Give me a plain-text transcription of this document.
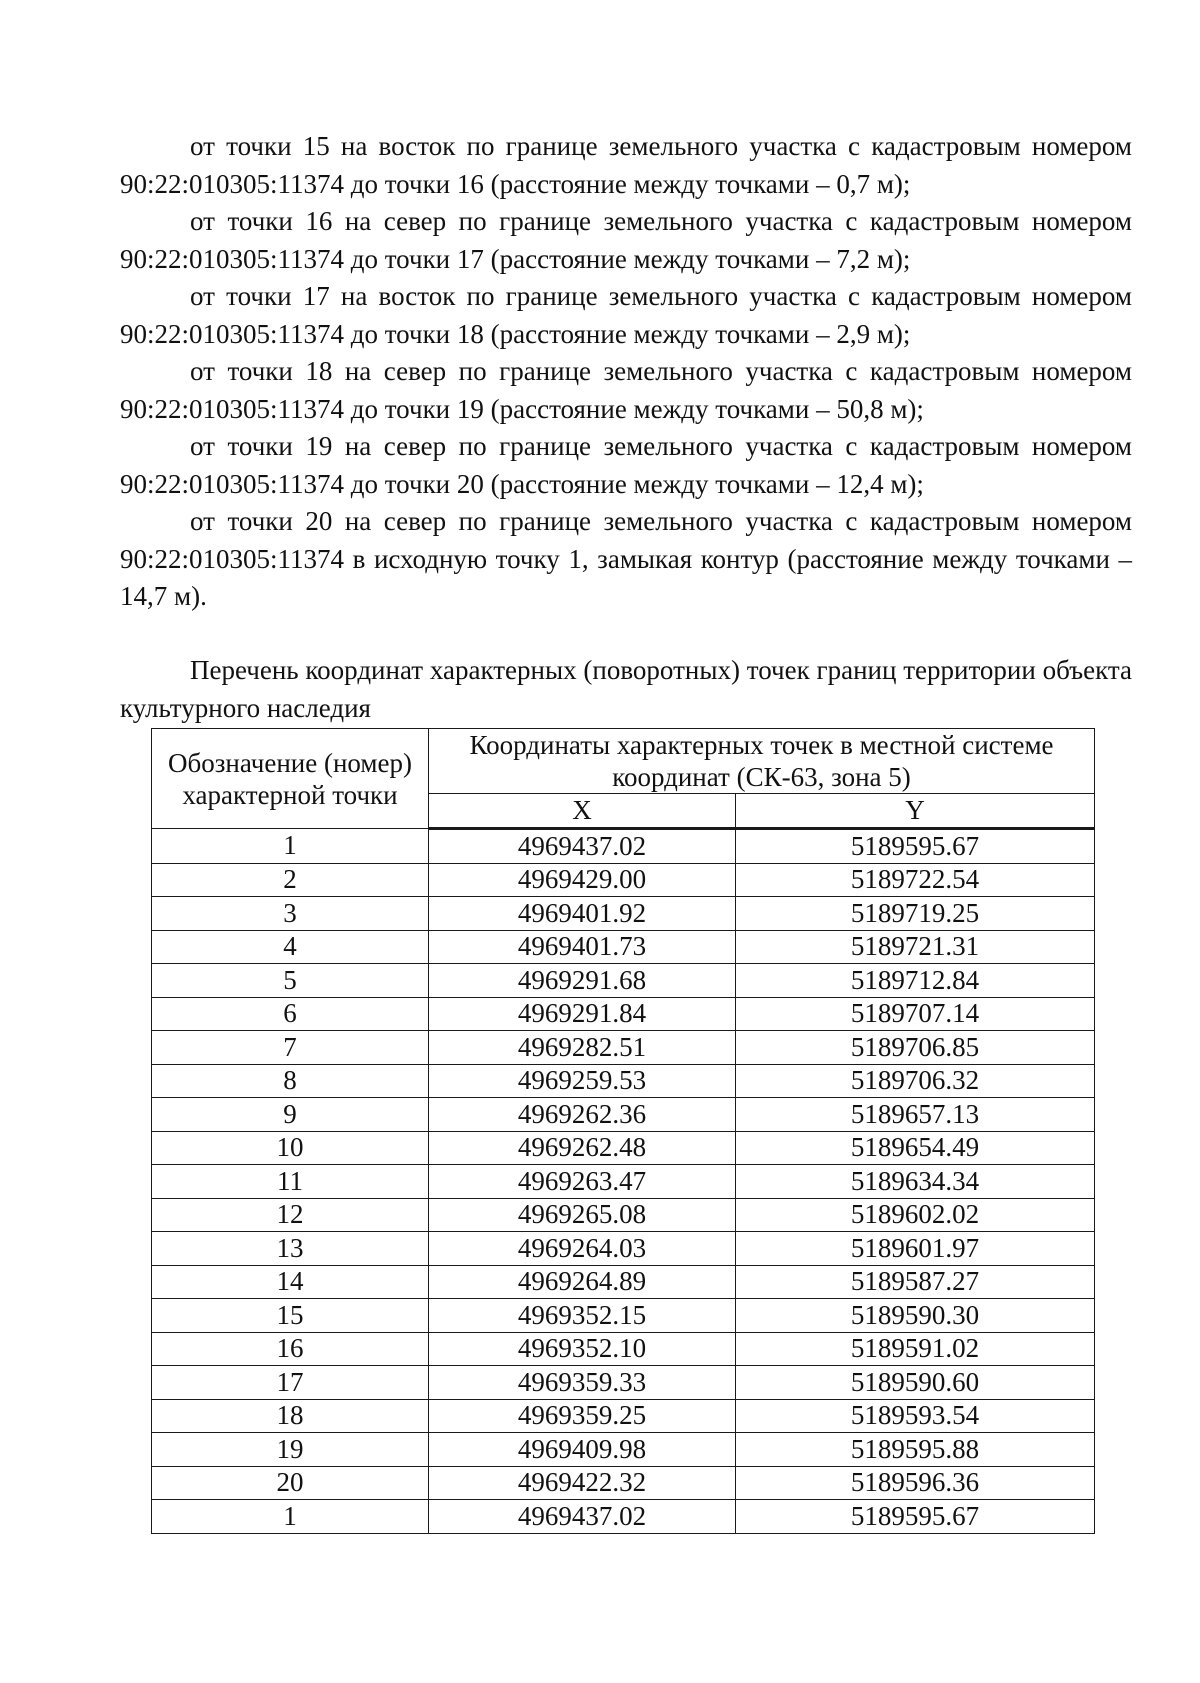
от точки 15 на восток по границе земельного участка с кадастровым номером 90:22:010305:11374 до точки 16 (расстояние между точками – 0,7 м);

от точки 16 на север по границе земельного участка с кадастровым номером 90:22:010305:11374 до точки 17 (расстояние между точками – 7,2 м);

от точки 17 на восток по границе земельного участка с кадастровым номером 90:22:010305:11374 до точки 18 (расстояние между точками – 2,9 м);

от точки 18 на север по границе земельного участка с кадастровым номером 90:22:010305:11374 до точки 19 (расстояние между точками – 50,8 м);

от точки 19 на север по границе земельного участка с кадастровым номером 90:22:010305:11374 до точки 20 (расстояние между точками – 12,4 м);

от точки 20 на север по границе земельного участка с кадастровым номером 90:22:010305:11374 в исходную точку 1, замыкая контур (расстояние между точками – 14,7 м).

Перечень координат характерных (поворотных) точек границ территории объекта культурного наследия

Обозначение (номер) характерной точки	Координаты характерных точек в местной системе координат (СК-63, зона 5)	
	X	Y
1	4969437.02	5189595.67
2	4969429.00	5189722.54
3	4969401.92	5189719.25
4	4969401.73	5189721.31
5	4969291.68	5189712.84
6	4969291.84	5189707.14
7	4969282.51	5189706.85
8	4969259.53	5189706.32
9	4969262.36	5189657.13
10	4969262.48	5189654.49
11	4969263.47	5189634.34
12	4969265.08	5189602.02
13	4969264.03	5189601.97
14	4969264.89	5189587.27
15	4969352.15	5189590.30
16	4969352.10	5189591.02
17	4969359.33	5189590.60
18	4969359.25	5189593.54
19	4969409.98	5189595.88
20	4969422.32	5189596.36
1	4969437.02	5189595.67
